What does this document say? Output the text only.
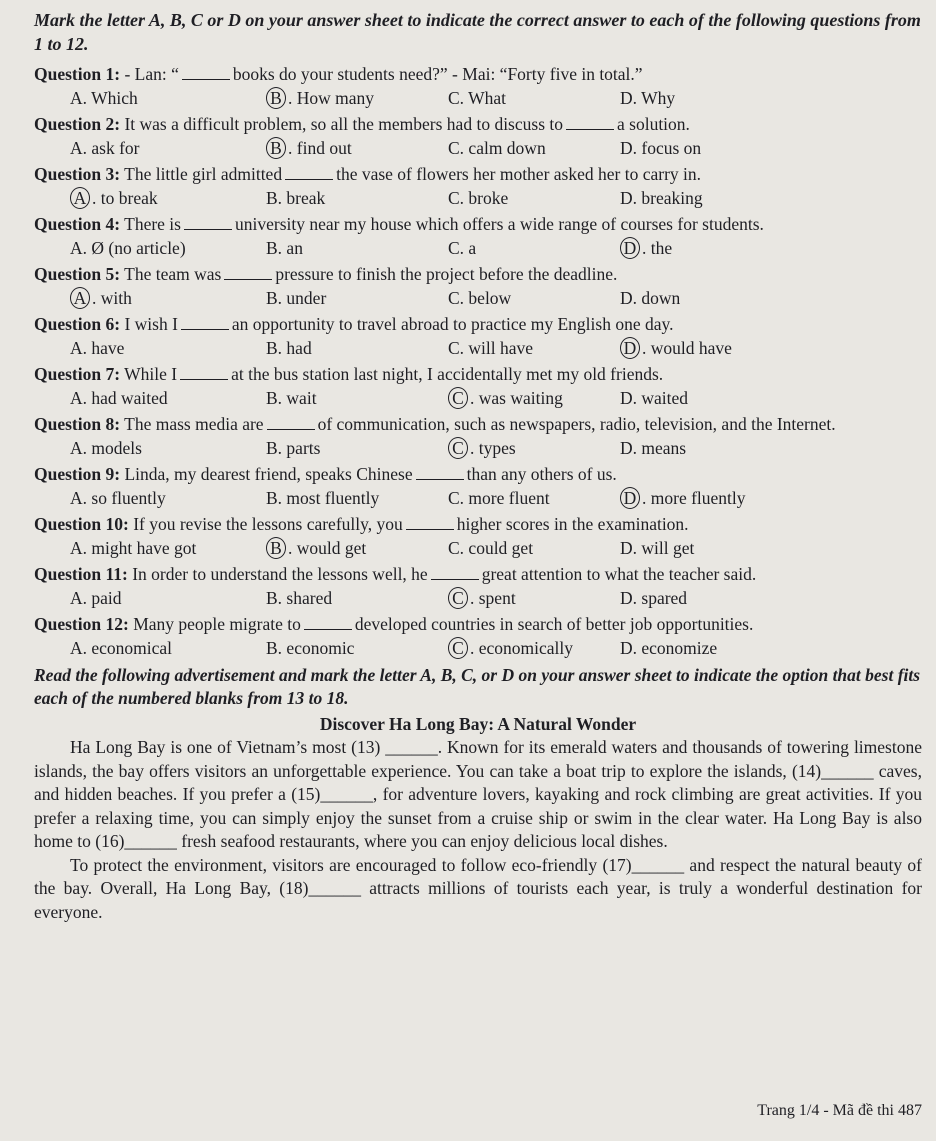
Mark the letter A, B, C or D on your answer sheet to indicate the correct answer to each of the following questions from 1 to 12.
Question 1: - Lan: “	books do your students need?” - Mai: “Forty five in total.”
A. Which	B . How many	C. What	D. Why
Question 2: It was a difficult problem, so all the members had to discuss to	a solution.
A. ask for	B . find out	C. calm down	D. focus on
Question 3: The little girl admitted	the vase of flowers her mother asked her to carry in.
A . to break	B. break	C. broke	D. breaking
Question 4: There is	university near my house which offers a wide range of courses for students.
A. Ø (no article)	B. an	C. a	D . the
Question 5: The team was	pressure to finish the project before the deadline.
A . with	B. under	C. below	D. down
Question 6: I wish I	an opportunity to travel abroad to practice my English one day.
A. have	B. had	C. will have	D . would have
Question 7: While I	at the bus station last night, I accidentally met my old friends.
A. had waited	B. wait	C . was waiting	D. waited
Question 8: The mass media are	of communication, such as newspapers, radio, television, and the Internet.
A. models	B. parts	C . types	D. means
Question 9: Linda, my dearest friend, speaks Chinese	than any others of us.
A. so fluently	B. most fluently	C. more fluent	D . more fluently
Question 10: If you revise the lessons carefully, you	higher scores in the examination.
A. might have got	B . would get	C. could get	D. will get
Question 11: In order to understand the lessons well, he	great attention to what the teacher said.
A. paid	B. shared	C . spent	D. spared
Question 12: Many people migrate to	developed countries in search of better job opportunities.
A. economical	B. economic	C . economically	D. economize
Read the following advertisement and mark the letter A, B, C, or D on your answer sheet to indicate the option that best fits each of the numbered blanks from 13 to 18.
Discover Ha Long Bay: A Natural Wonder

Ha Long Bay is one of Vietnam’s most (13) ______. Known for its emerald waters and thousands of towering limestone islands, the bay offers visitors an unforgettable experience. You can take a boat trip to explore the islands, (14)______ caves, and hidden beaches. If you prefer a (15)______, for adventure lovers, kayaking and rock climbing are great activities. If you prefer a relaxing time, you can simply enjoy the sunset from a cruise ship or swim in the clear water. Ha Long Bay is also home to (16)______ fresh seafood restaurants, where you can enjoy delicious local dishes.

To protect the environment, visitors are encouraged to follow eco-friendly (17)______ and respect the natural beauty of the bay. Overall, Ha Long Bay, (18)______ attracts millions of tourists each year, is truly a wonderful destination for everyone.

Trang 1/4 - Mã đề thi 487
